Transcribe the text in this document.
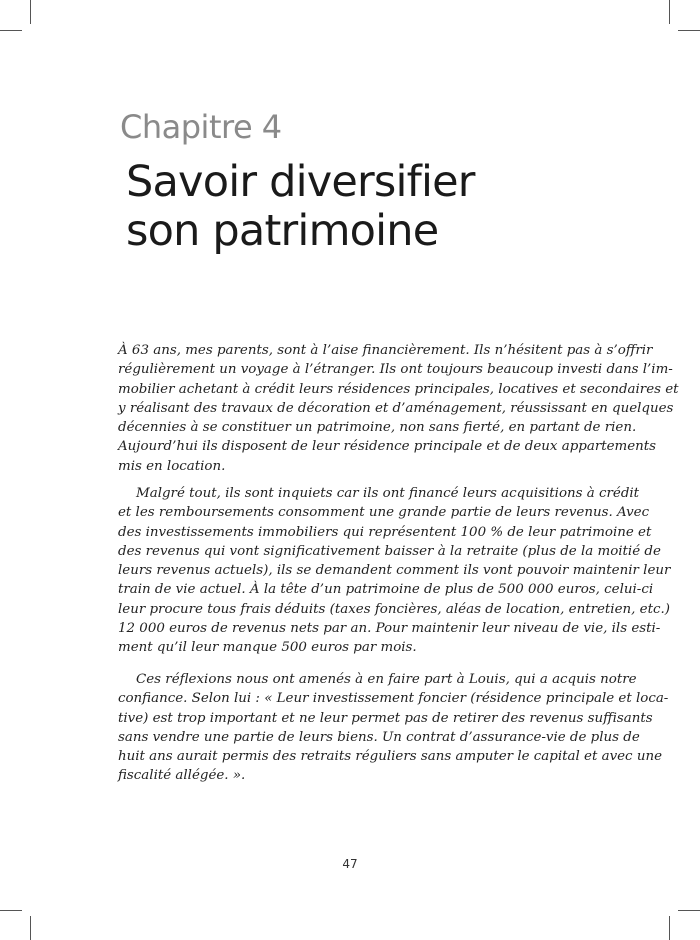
Chapitre 4
Savoir diversifier
son patrimoine
À 63 ans, mes parents, sont à l’aise financièrement. Ils n’hésitent pas à s’offrir
régulièrement un voyage à l’étranger. Ils ont toujours beaucoup investi dans l’im-
mobilier achetant à crédit leurs résidences principales, locatives et secondaires et
y réalisant des travaux de décoration et d’aménagement, réussissant en quelques
décennies à se constituer un patrimoine, non sans fierté, en partant de rien.
Aujourd’hui ils disposent de leur résidence principale et de deux appartements
mis en location.
Malgré tout, ils sont inquiets car ils ont financé leurs acquisitions à crédit
et les remboursements consomment une grande partie de leurs revenus. Avec
des investissements immobiliers qui représentent 100 % de leur patrimoine et
des revenus qui vont significativement baisser à la retraite (plus de la moitié de
leurs revenus actuels), ils se demandent comment ils vont pouvoir maintenir leur
train de vie actuel. À la tête d’un patrimoine de plus de 500 000 euros, celui-ci
leur procure tous frais déduits (taxes foncières, aléas de location, entretien, etc.)
12 000 euros de revenus nets par an. Pour maintenir leur niveau de vie, ils esti-
ment qu’il leur manque 500 euros par mois.
Ces réflexions nous ont amenés à en faire part à Louis, qui a acquis notre
confiance. Selon lui : « Leur investissement foncier (résidence principale et loca-
tive) est trop important et ne leur permet pas de retirer des revenus suffisants
sans vendre une partie de leurs biens. Un contrat d’assurance-vie de plus de
huit ans aurait permis des retraits réguliers sans amputer le capital et avec une
fiscalité allégée. ».
47
